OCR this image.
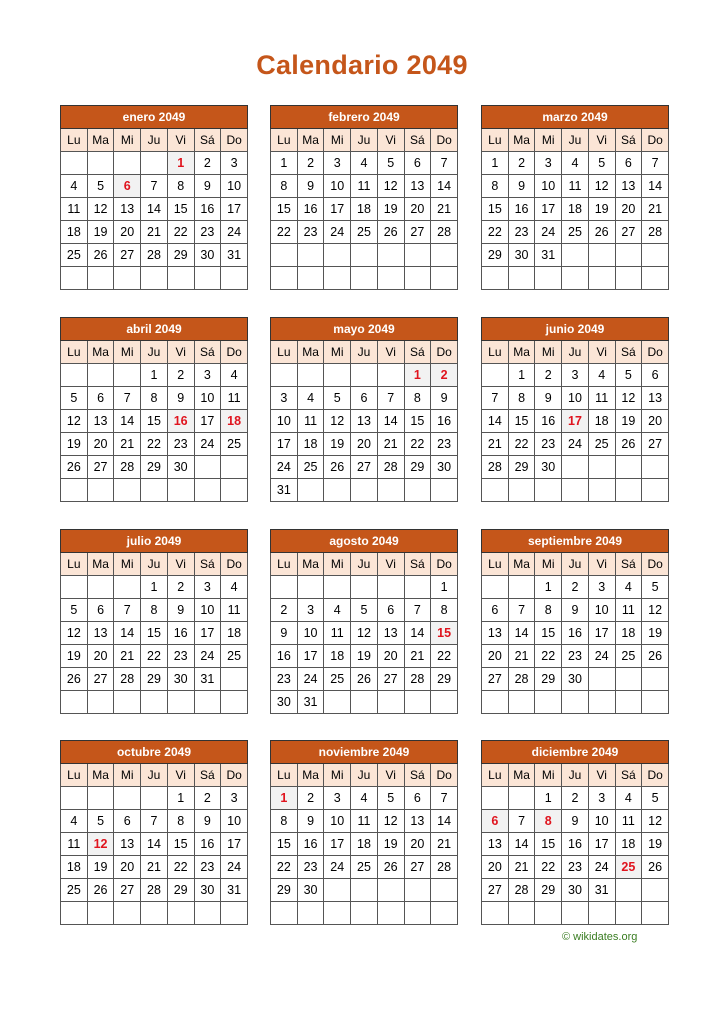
Calendario 2049
enero 2049						
Lu	Ma	Mi	Ju	Vi	Sá	Do
				1	2	3
4	5	6	7	8	9	10
11	12	13	14	15	16	17
18	19	20	21	22	23	24
25	26	27	28	29	30	31

febrero 2049						
Lu	Ma	Mi	Ju	Vi	Sá	Do
1	2	3	4	5	6	7
8	9	10	11	12	13	14
15	16	17	18	19	20	21
22	23	24	25	26	27	28

marzo 2049						
Lu	Ma	Mi	Ju	Vi	Sá	Do
1	2	3	4	5	6	7
8	9	10	11	12	13	14
15	16	17	18	19	20	21
22	23	24	25	26	27	28
29	30	31				

abril 2049						
Lu	Ma	Mi	Ju	Vi	Sá	Do
			1	2	3	4
5	6	7	8	9	10	11
12	13	14	15	16	17	18
19	20	21	22	23	24	25
26	27	28	29	30		

mayo 2049						
Lu	Ma	Mi	Ju	Vi	Sá	Do
					1	2
3	4	5	6	7	8	9
10	11	12	13	14	15	16
17	18	19	20	21	22	23
24	25	26	27	28	29	30
31						
junio 2049						
Lu	Ma	Mi	Ju	Vi	Sá	Do
	1	2	3	4	5	6
7	8	9	10	11	12	13
14	15	16	17	18	19	20
21	22	23	24	25	26	27
28	29	30				

julio 2049						
Lu	Ma	Mi	Ju	Vi	Sá	Do
			1	2	3	4
5	6	7	8	9	10	11
12	13	14	15	16	17	18
19	20	21	22	23	24	25
26	27	28	29	30	31	

agosto 2049						
Lu	Ma	Mi	Ju	Vi	Sá	Do
						1
2	3	4	5	6	7	8
9	10	11	12	13	14	15
16	17	18	19	20	21	22
23	24	25	26	27	28	29
30	31					
septiembre 2049						
Lu	Ma	Mi	Ju	Vi	Sá	Do
		1	2	3	4	5
6	7	8	9	10	11	12
13	14	15	16	17	18	19
20	21	22	23	24	25	26
27	28	29	30			

octubre 2049						
Lu	Ma	Mi	Ju	Vi	Sá	Do
				1	2	3
4	5	6	7	8	9	10
11	12	13	14	15	16	17
18	19	20	21	22	23	24
25	26	27	28	29	30	31

noviembre 2049						
Lu	Ma	Mi	Ju	Vi	Sá	Do
1	2	3	4	5	6	7
8	9	10	11	12	13	14
15	16	17	18	19	20	21
22	23	24	25	26	27	28
29	30					

diciembre 2049						
Lu	Ma	Mi	Ju	Vi	Sá	Do
		1	2	3	4	5
6	7	8	9	10	11	12
13	14	15	16	17	18	19
20	21	22	23	24	25	26
27	28	29	30	31		

© wikidates.org
